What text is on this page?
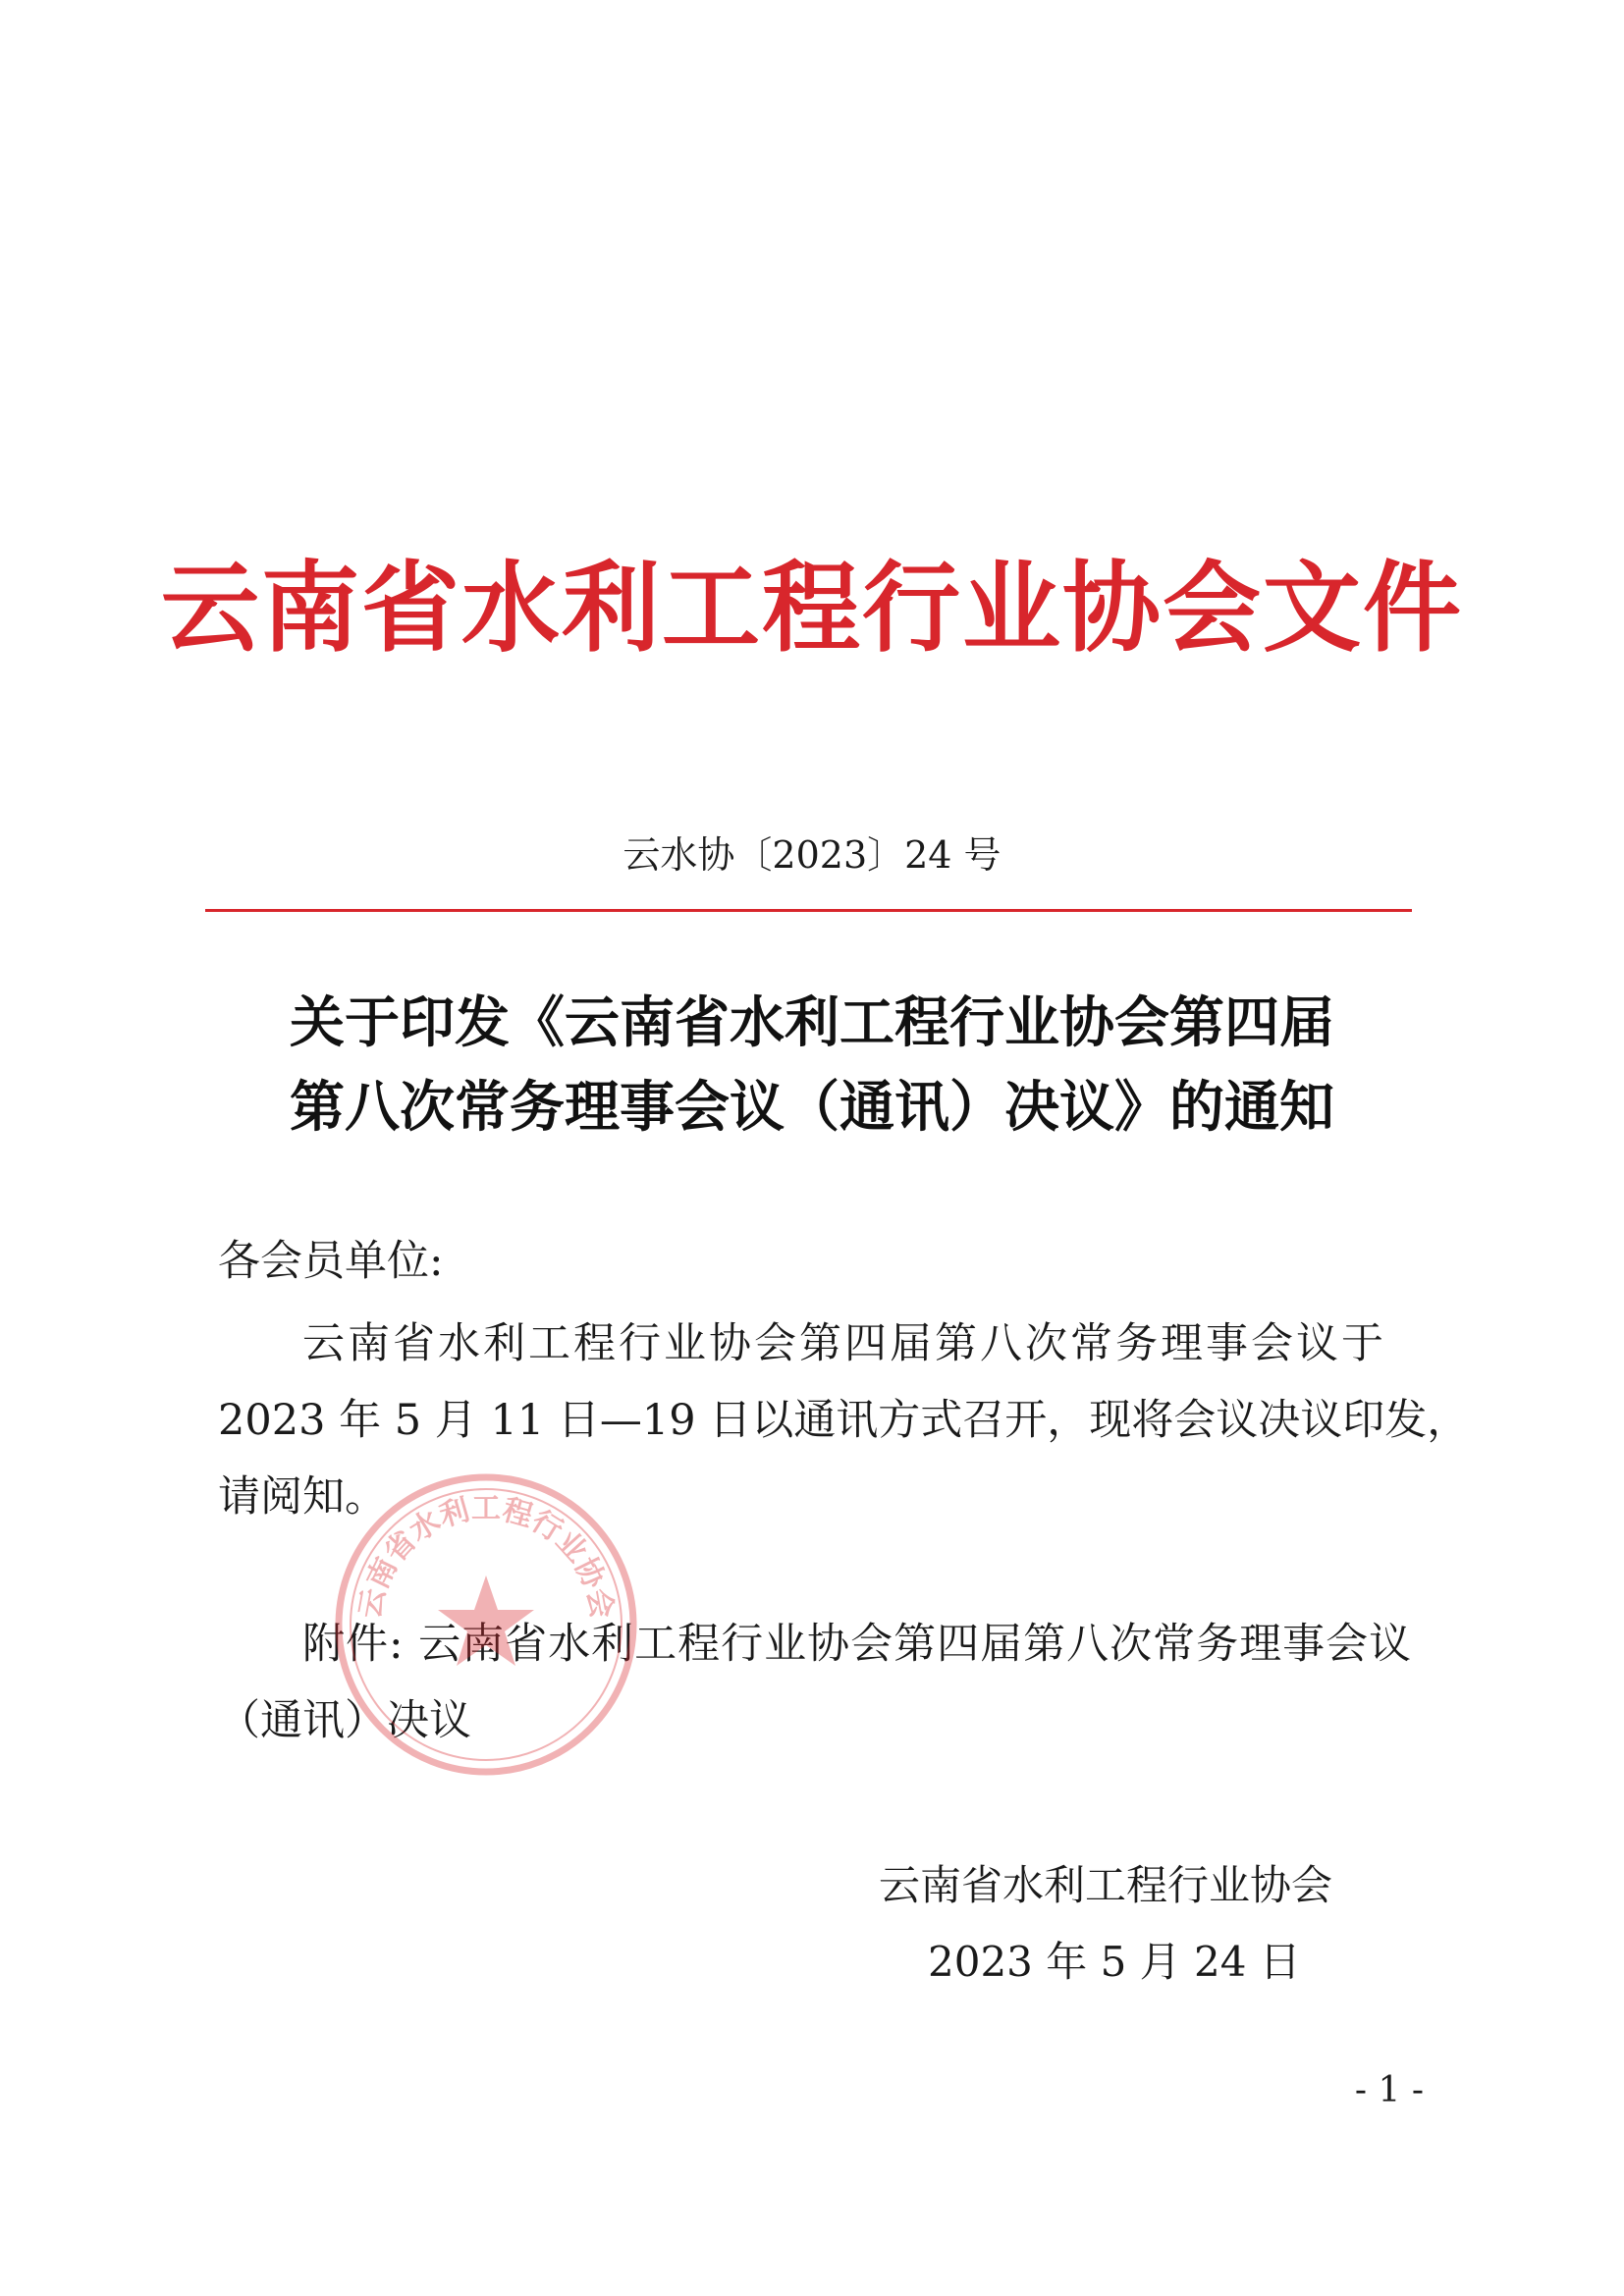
云南省水利工程行业协会文件
云水协〔2023〕24 号
关于印发《云南省水利工程行业协会第四届
第八次常务理事会议（通讯）决议》的通知
各会员单位:
云南省水利工程行业协会第四届第八次常务理事会议于
2023 年 5 月 11 日—19 日以通讯方式召开，现将会议决议印发，
请阅知。
附件: 云南省水利工程行业协会第四届第八次常务理事会议
（通讯）决议
云南省水利工程行业协会
云南省水利工程行业协会
2023 年 5 月 24 日
- 1 -
